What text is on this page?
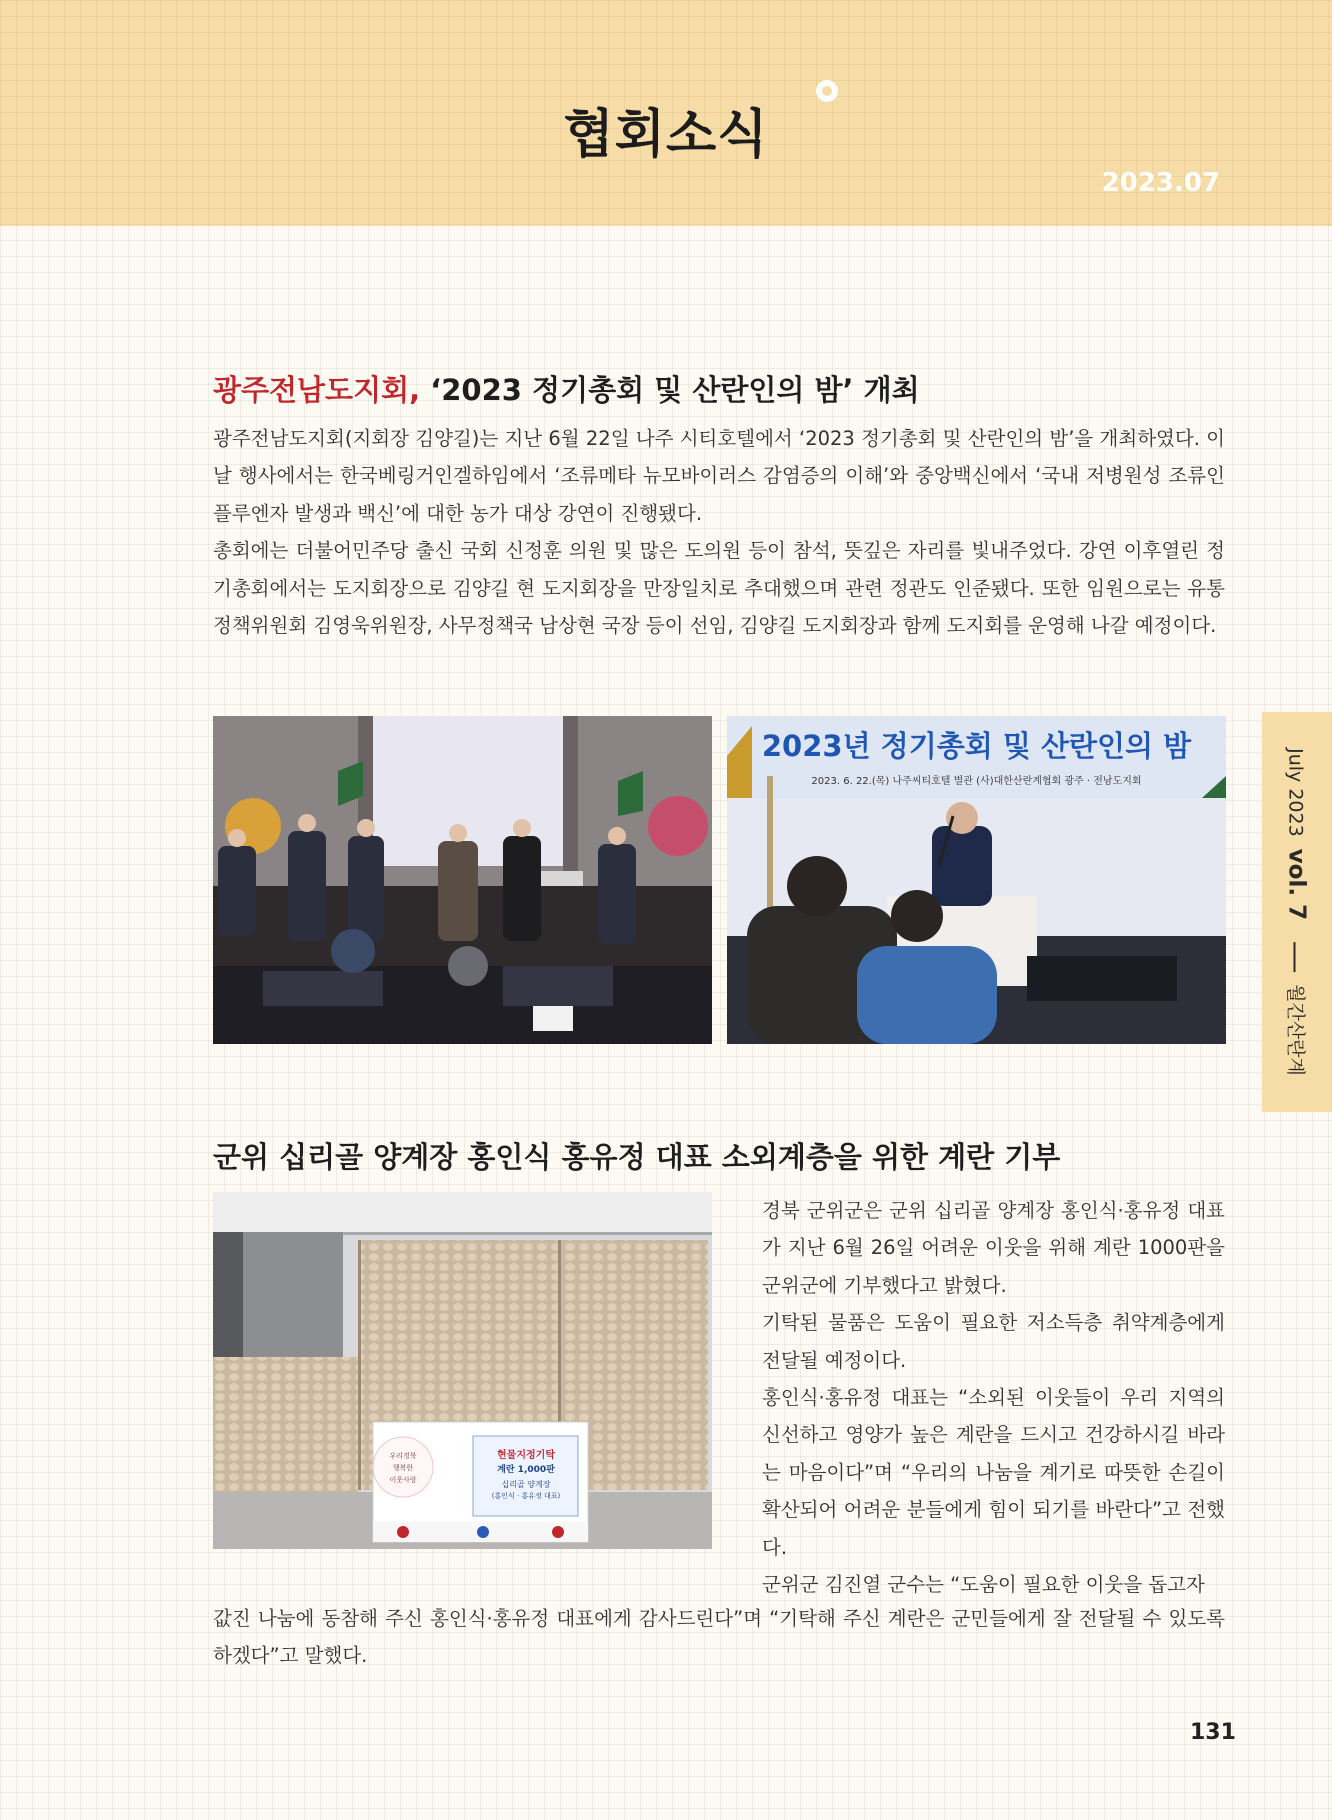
협회소식
2023.07
광주전남도지회, ‘2023 정기총회 및 산란인의 밤’ 개최

광주전남도지회(지회장 김양길)는 지난 6월 22일 나주 시티호텔에서 ‘2023 정기총회 및 산란인의 밤’을 개최하였다. 이날 행사에서는 한국베링거인겔하임에서 ‘조류메타 뉴모바이러스 감염증의 이해’와 중앙백신에서 ‘국내 저병원성 조류인플루엔자 발생과 백신’에 대한 농가 대상 강연이 진행됐다.

총회에는 더불어민주당 출신 국회 신정훈 의원 및 많은 도의원 등이 참석, 뜻깊은 자리를 빛내주었다. 강연 이후열린 정기총회에서는 도지회장으로 김양길 현 도지회장을 만장일치로 추대했으며 관련 정관도 인준됐다. 또한 임원으로는 유통정책위원회 김영욱위원장, 사무정책국 남상현 국장 등이 선임, 김양길 도지회장과 함께 도지회를 운영해 나갈 예정이다.

2023년 정기총회 및 산란인의 밤
2023. 6. 22.(목) 나주씨티호텔 별관 (사)대한산란계협회 광주 · 전남도지회	July 2023vol. 7월간산란계
군위 십리골 양계장 홍인식 홍유정 대표 소외계층을 위한 계란 기부
현물지정기탁
계란 1,000판
십리골 양계장
(홍인식 · 홍유정 대표)
우리경북
행복한
이웃사랑

경북 군위군은 군위 십리골 양계장 홍인식·홍유정 대표가 지난 6월 26일 어려운 이웃을 위해 계란 1000판을 군위군에 기부했다고 밝혔다.

기탁된 물품은 도움이 필요한 저소득층 취약계층에게 전달될 예정이다.

홍인식·홍유정 대표는 “소외된 이웃들이 우리 지역의 신선하고 영양가 높은 계란을 드시고 건강하시길 바라는 마음이다”며 “우리의 나눔을 계기로 따뜻한 손길이 확산되어 어려운 분들에게 힘이 되기를 바란다”고 전했다.

군위군 김진열 군수는 “도움이 필요한 이웃을 돕고자

값진 나눔에 동참해 주신 홍인식·홍유정 대표에게 감사드린다”며 “기탁해 주신 계란은 군민들에게 잘 전달될 수 있도록 하겠다”고 말했다.

131
